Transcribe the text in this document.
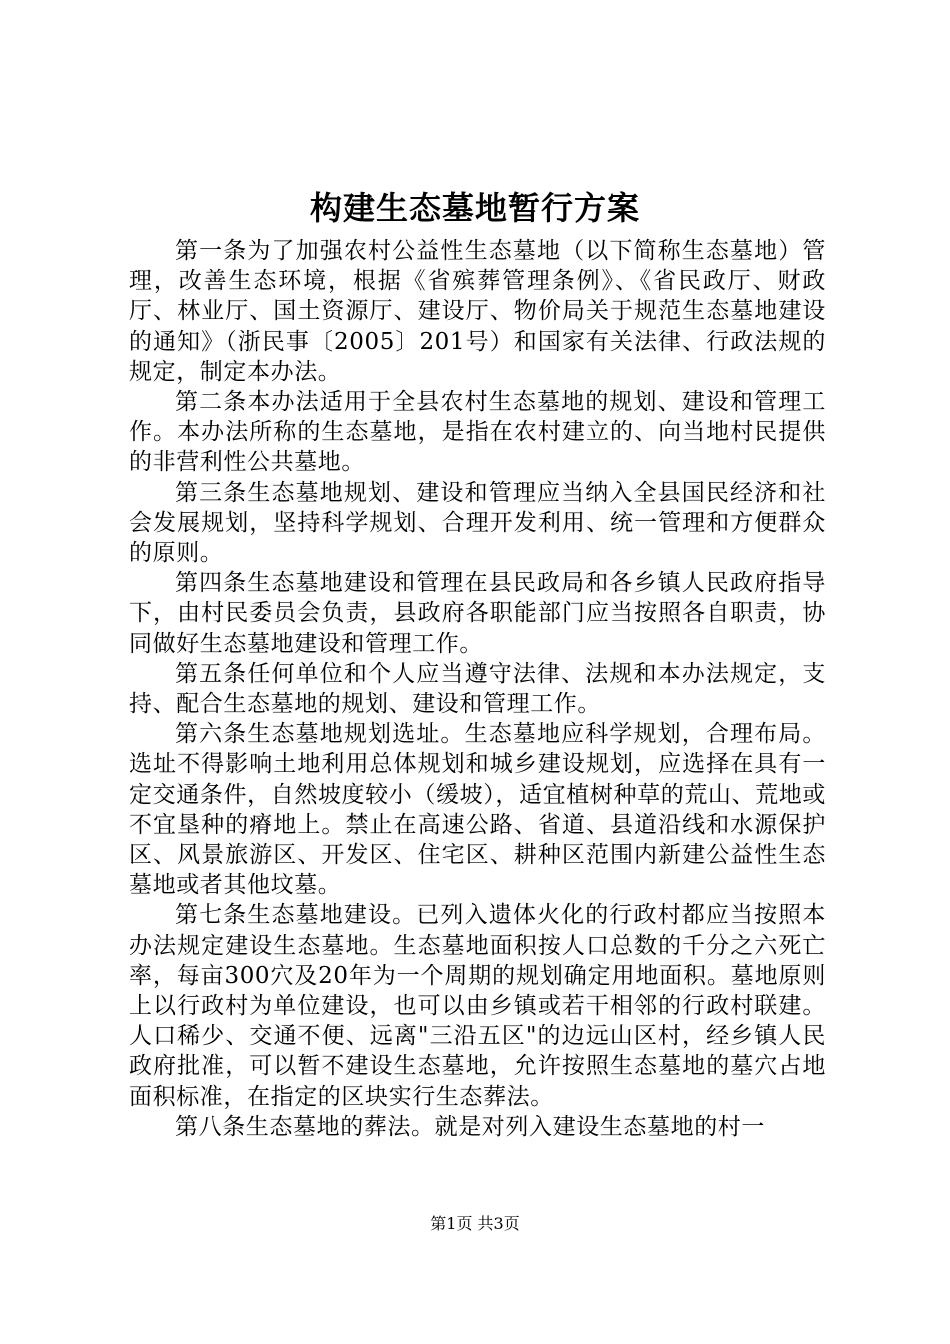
构建生态墓地暂行方案

第一条为了加强农村公益性生态墓地（以下简称生态墓地）管理，改善生态环境，根据《省殡葬管理条例》、《省民政厅、财政厅、林业厅、国土资源厅、建设厅、物价局关于规范生态墓地建设的通知》（浙民事〔2005〕201号）和国家有关法律、行政法规的规定，制定本办法。

第二条本办法适用于全县农村生态墓地的规划、建设和管理工作。本办法所称的生态墓地，是指在农村建立的、向当地村民提供的非营利性公共墓地。

第三条生态墓地规划、建设和管理应当纳入全县国民经济和社会发展规划，坚持科学规划、合理开发利用、统一管理和方便群众的原则。

第四条生态墓地建设和管理在县民政局和各乡镇人民政府指导下，由村民委员会负责，县政府各职能部门应当按照各自职责，协同做好生态墓地建设和管理工作。

第五条任何单位和个人应当遵守法律、法规和本办法规定，支持、配合生态墓地的规划、建设和管理工作。

第六条生态墓地规划选址。生态墓地应科学规划，合理布局。选址不得影响土地利用总体规划和城乡建设规划，应选择在具有一定交通条件，自然坡度较小（缓坡），适宜植树种草的荒山、荒地或不宜垦种的瘠地上。禁止在高速公路、省道、县道沿线和水源保护区、风景旅游区、开发区、住宅区、耕种区范围内新建公益性生态墓地或者其他坟墓。

第七条生态墓地建设。已列入遗体火化的行政村都应当按照本办法规定建设生态墓地。生态墓地面积按人口总数的千分之六死亡率，每亩300穴及20年为一个周期的规划确定用地面积。墓地原则上以行政村为单位建设，也可以由乡镇或若干相邻的行政村联建。人口稀少、交通不便、远离"三沿五区"的边远山区村，经乡镇人民政府批准，可以暂不建设生态墓地，允许按照生态墓地的墓穴占地面积标准，在指定的区块实行生态葬法。

第八条生态墓地的葬法。就是对列入建设生态墓地的村一

第1页 共3页
